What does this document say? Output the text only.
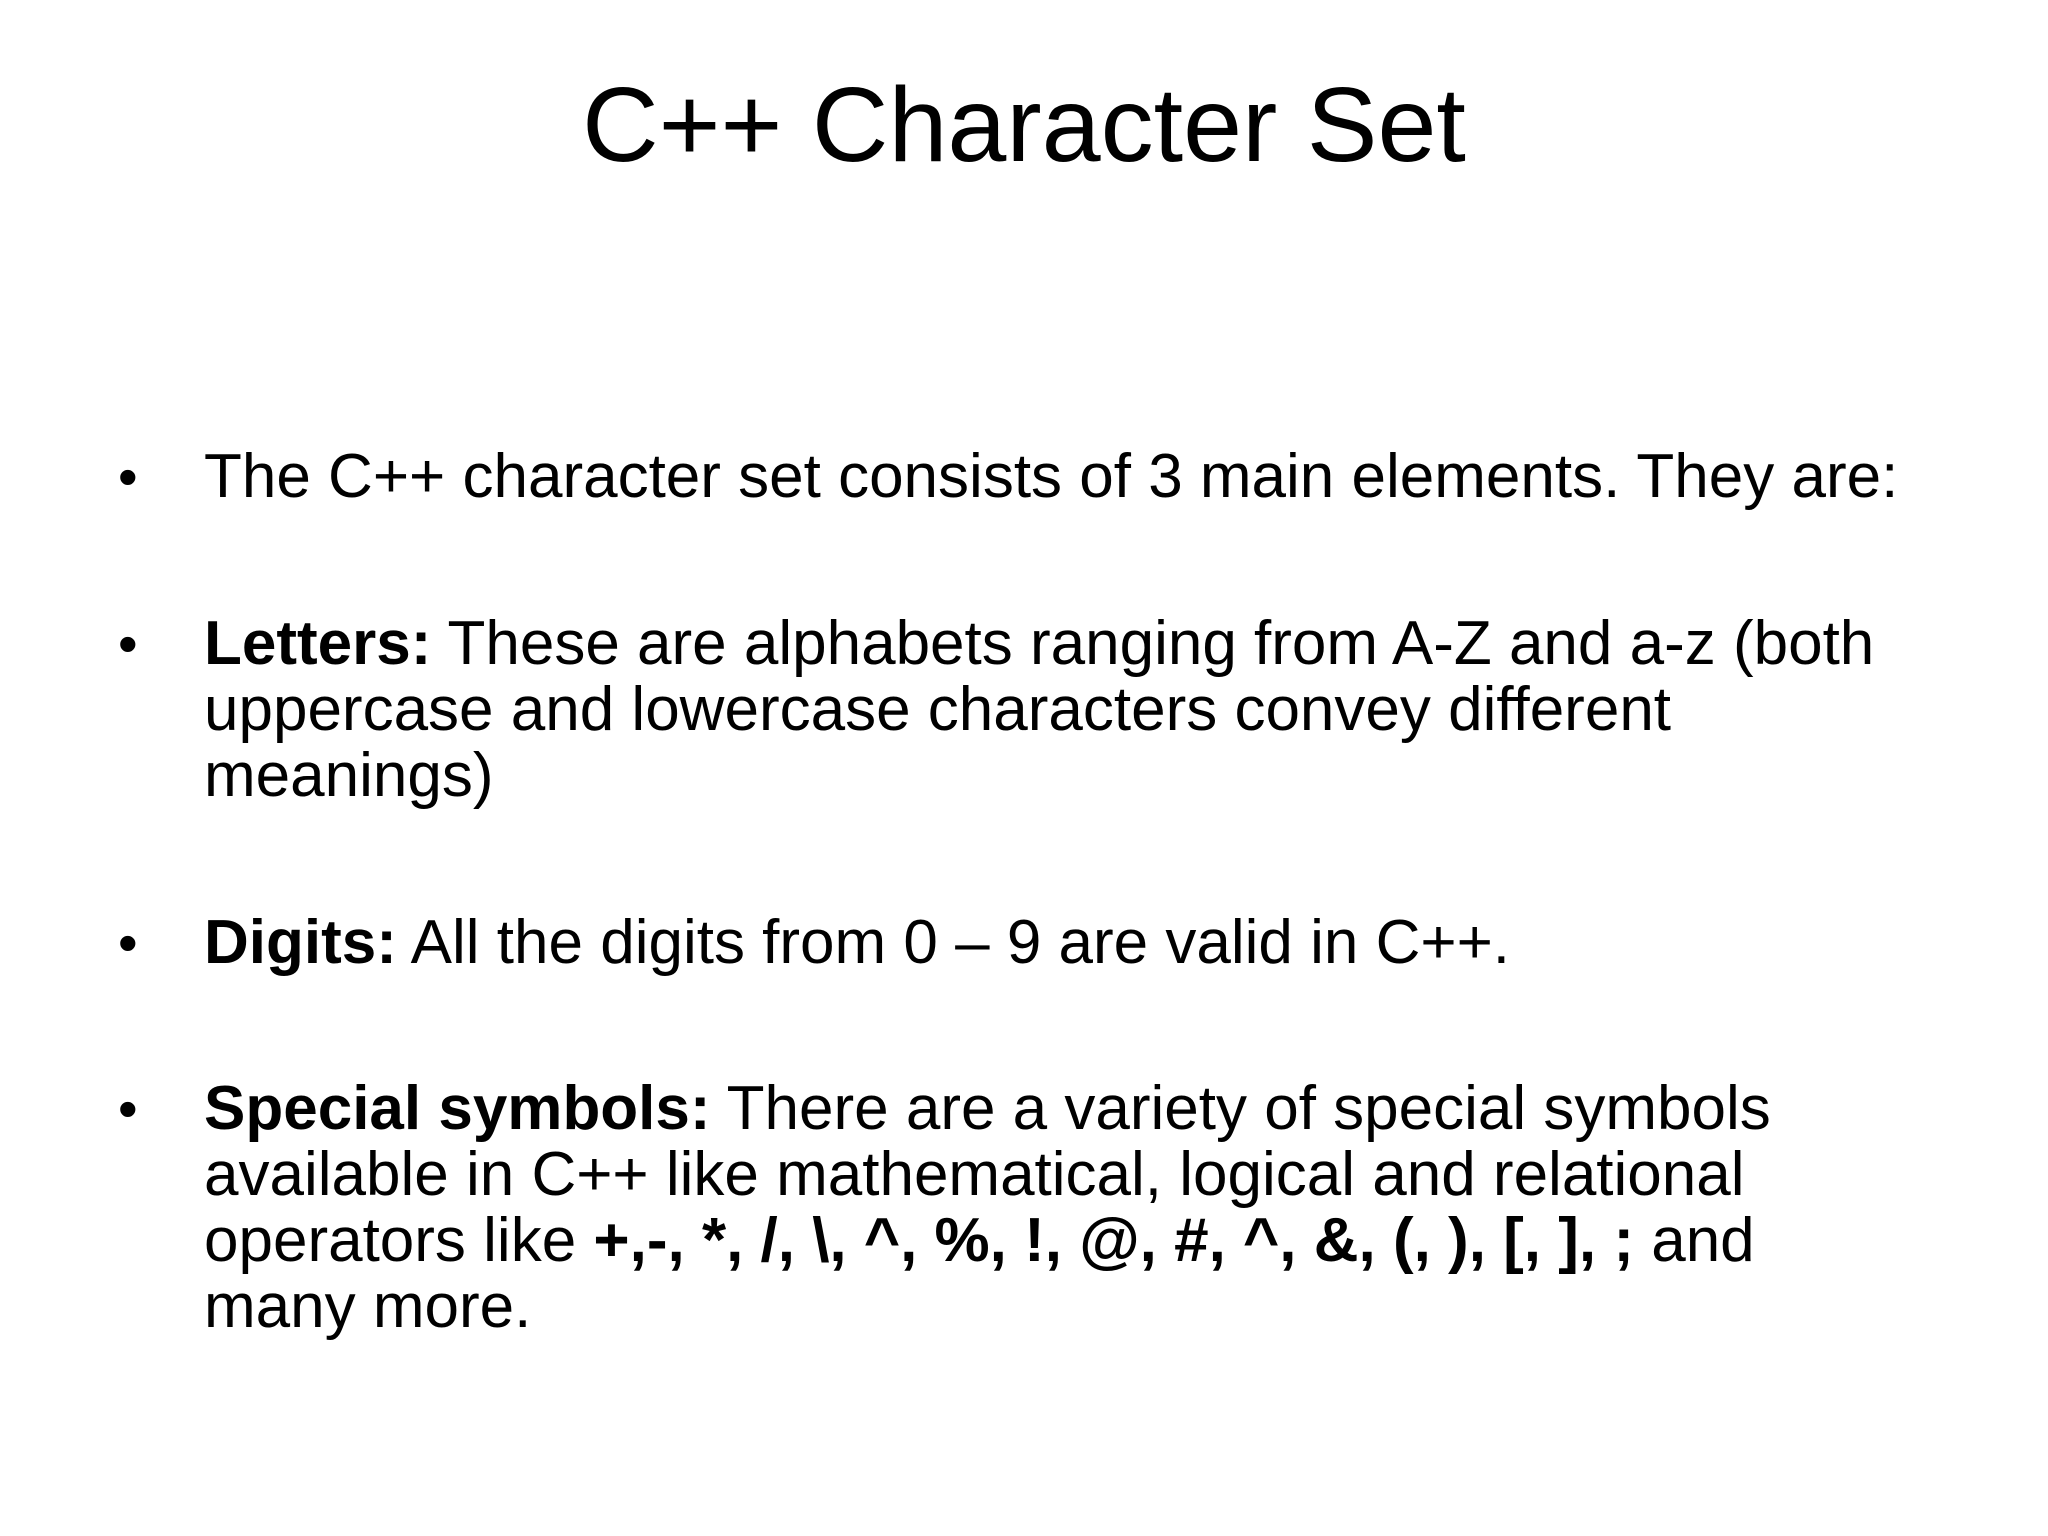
C++ Character Set
•	The C++ character set consists of 3 main elements. They are:
•	Letters: These are alphabets ranging from A-Z and a-z (both uppercase and lowercase characters convey different meanings)
•	Digits: All the digits from 0 – 9 are valid in C++.
•	Special symbols: There are a variety of special symbols available in C++ like mathematical, logical and relational operators like +,-, *, /, \, ^, %, !, @, #, ^, &, (, ), [, ], ; and many more.
